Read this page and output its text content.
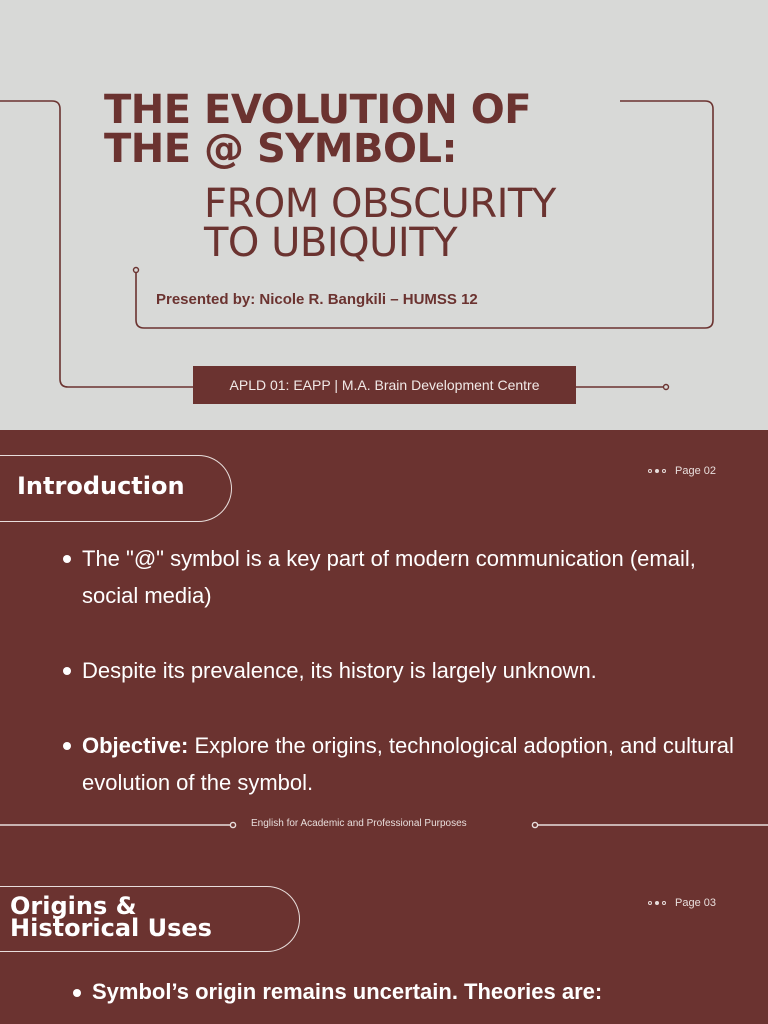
THE EVOLUTION OF
THE @ SYMBOL:
FROM OBSCURITY
TO UBIQUITY
Presented by: Nicole R. Bangkili – HUMSS 12
APLD 01: EAPP | M.A. Brain Development Centre
Introduction
Page 02
The "@" symbol is a key part of modern communication (email, social media)
Despite its prevalence, its history is largely unknown.
Objective: Explore the origins, technological adoption, and cultural evolution of the symbol.
English for Academic and Professional Purposes
Origins &
Historical Uses
Page 03
Symbol’s origin remains uncertain. Theories are:
